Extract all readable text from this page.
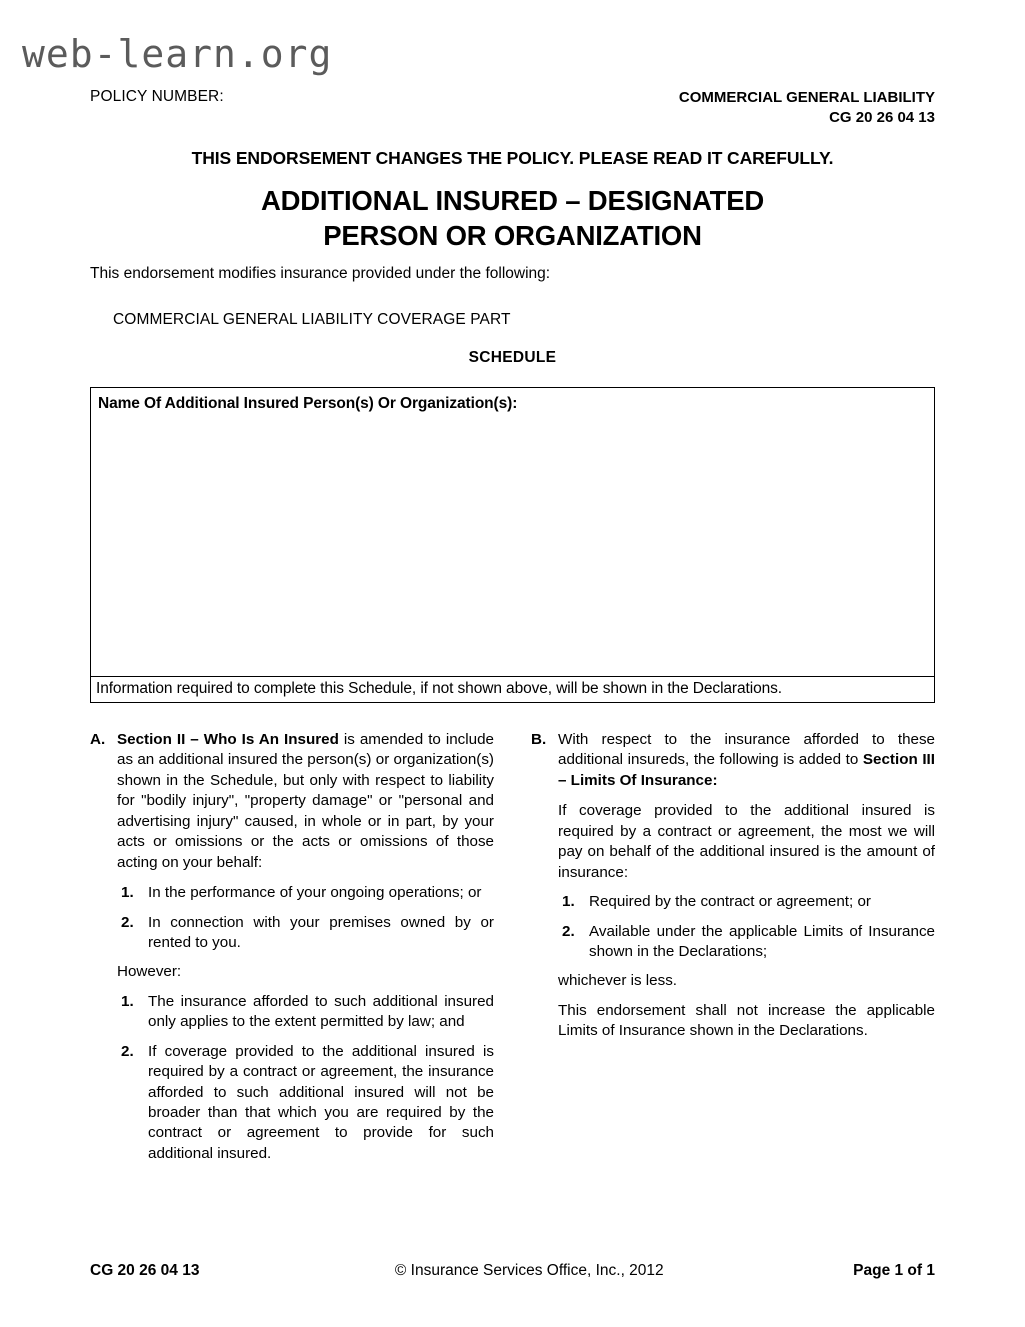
web-learn.org
POLICY NUMBER:	COMMERCIAL GENERAL LIABILITY
CG 20 26 04 13
THIS ENDORSEMENT CHANGES THE POLICY. PLEASE READ IT CAREFULLY.
ADDITIONAL INSURED – DESIGNATED
PERSON OR ORGANIZATION
This endorsement modifies insurance provided under the following:
COMMERCIAL GENERAL LIABILITY COVERAGE PART
SCHEDULE
Name Of Additional Insured Person(s) Or Organization(s):
Information required to complete this Schedule, if not shown above, will be shown in the Declarations.
A. Section II – Who Is An Insured is amended to include as an additional insured the person(s) or organization(s) shown in the Schedule, but only with respect to liability for "bodily injury", "property damage" or "personal and advertising injury" caused, in whole or in part, by your acts or omissions or the acts or omissions of those acting on your behalf:
1. In the performance of your ongoing operations; or
2. In connection with your premises owned by or rented to you.
However:
1. The insurance afforded to such additional insured only applies to the extent permitted by law; and
2. If coverage provided to the additional insured is required by a contract or agreement, the insurance afforded to such additional insured will not be broader than that which you are required by the contract or agreement to provide for such additional insured.
B. With respect to the insurance afforded to these additional insureds, the following is added to Section III – Limits Of Insurance:
If coverage provided to the additional insured is required by a contract or agreement, the most we will pay on behalf of the additional insured is the amount of insurance:
1. Required by the contract or agreement; or
2. Available under the applicable Limits of Insurance shown in the Declarations;
whichever is less.
This endorsement shall not increase the applicable Limits of Insurance shown in the Declarations.
CG 20 26 04 13	© Insurance Services Office, Inc., 2012	Page 1 of 1
